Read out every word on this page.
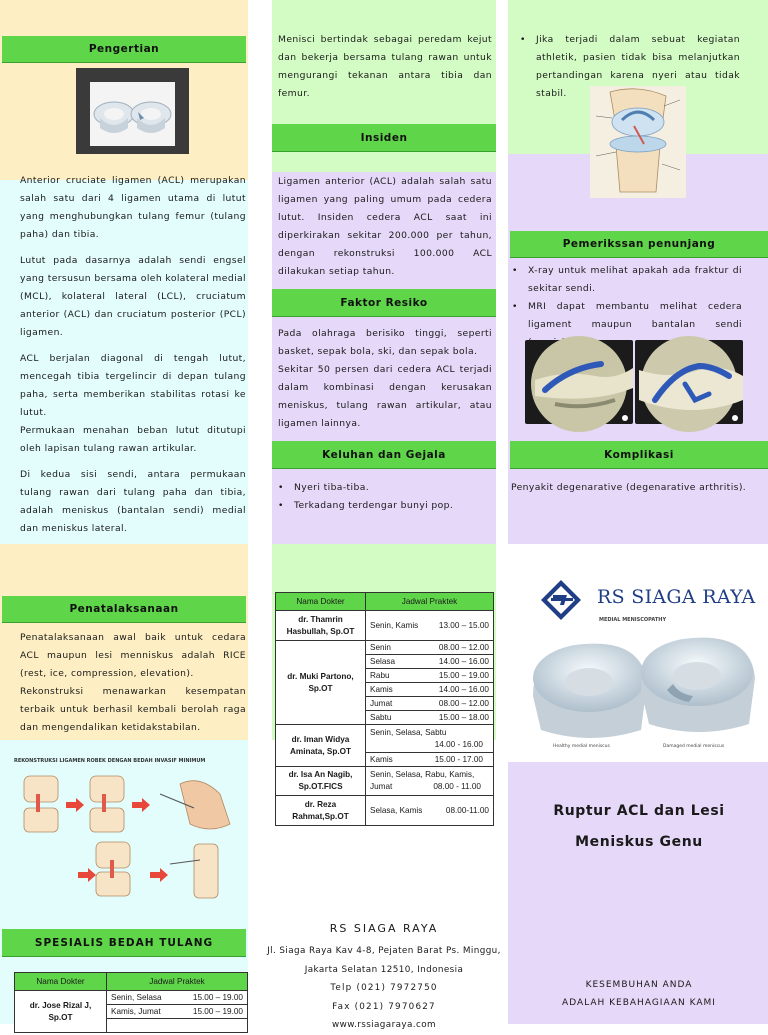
Pengertian

Anterior cruciate ligamen (ACL) merupakan salah satu dari 4 ligamen utama di lutut yang menghubungkan tulang femur (tulang paha) dan tibia.

Lutut pada dasarnya adalah sendi engsel yang tersusun bersama oleh kolateral medial (MCL), kolateral lateral (LCL), cruciatum anterior (ACL) dan cruciatum posterior (PCL) ligamen.

ACL berjalan diagonal di tengah lutut, mencegah tibia tergelincir di depan tulang paha, serta memberikan stabilitas rotasi ke lutut.

Permukaan menahan beban lutut ditutupi oleh lapisan tulang rawan artikular.

Di kedua sisi sendi, antara permukaan tulang rawan dari tulang paha dan tibia, adalah meniskus (bantalan sendi) medial dan meniskus lateral.

Penatalaksanaan

Penatalaksanaan awal baik untuk cedara ACL maupun lesi menniskus adalah RICE (rest, ice, compression, elevation).

Rekonstruksi menawarkan kesempatan terbaik untuk berhasil kembali berolah raga dan mengendalikan ketidakstabilan.

REKONSTRUKSI LIGAMEN ROBEK DENGAN BEDAH INVASIF MINIMUM
SPESIALIS BEDAH TULANG
Nama Dokter	Jadwal Praktek
dr. Jose Rizal J, Sp.OT	Senin, Selasa 15.00 – 19.00

	Kamis, Jumat 15.00 – 19.00

Menisci bertindak sebagai peredam kejut dan bekerja bersama tulang rawan untuk mengurangi tekanan antara tibia dan femur.

Insiden

Ligamen anterior (ACL) adalah salah satu ligamen yang paling umum pada cedera lutut. Insiden cedera ACL saat ini diperkirakan sekitar 200.000 per tahun, dengan rekonstruksi 100.000 ACL dilakukan setiap tahun.

Faktor Resiko

Pada olahraga berisiko tinggi, seperti basket, sepak bola, ski, dan sepak bola.

Sekitar 50 persen dari cedera ACL terjadi dalam kombinasi dengan kerusakan meniskus, tulang rawan artikular, atau ligamen lainnya.

Keluhan dan Gejala
• Nyeri tiba-tiba.
• Terkadang terdengar bunyi pop.
Nama Dokter	Jadwal Praktek
dr. Thamrin Hasbullah, Sp.OT	Senin, Kamis 13.00 – 15.00

dr. Muki Partono, Sp.OT	Senin 08.00 – 12.00

	Selasa 14.00 – 16.00

	Rabu 15.00 – 19.00

	Kamis 14.00 – 16.00

	Jumat 08.00 – 12.00

	Sabtu 15.00 – 18.00

dr. Iman Widya Aminata, Sp.OT	Senin, Selasa, Sabtu
14.00 - 16.00

	Kamis 15.00 - 17.00

dr. Isa An Nagib, Sp.OT.FICS	Senin, Selasa, Rabu, Kamis,
Jumat 08.00 - 11.00

dr. Reza Rahmat,Sp.OT	Selasa, Kamis 08.00-11.00
RS SIAGA RAYA
Jl. Siaga Raya Kav 4-8, Pejaten Barat Ps. Minggu,
Jakarta Selatan 12510, Indonesia
Telp (021) 7972750
Fax (021) 7970627
www.rssiagaraya.com
• Jika terjadi dalam sebuat kegiatan athletik, pasien tidak bisa melanjutkan pertandingan karena nyeri atau tidak stabil.
Pemerikssan penunjang
• X-ray untuk melihat apakah ada fraktur di sekitar sendi.
• MRI dapat membantu melihat cedera ligament maupun bantalan sendi
Komplikasi

Penyakit degenarative (degenarative arthritis).

RS SIAGA RAYA
MEDIAL MENISCOPATHY
Healthy medial meniscus	Damaged medial meniscus
Ruptur ACL dan Lesi
Meniskus Genu
KESEMBUHAN ANDA
ADALAH KEBAHAGIAAN KAMI
